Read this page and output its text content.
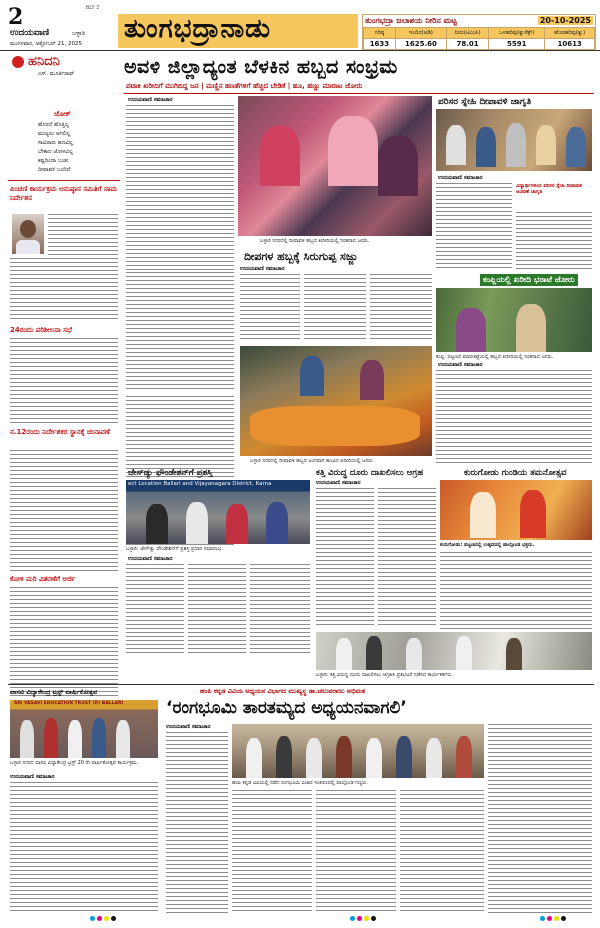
2	BLY 2
ಉದಯವಾಣಿ	ಬಳ್ಳಾರಿ
ಮಂಗಳವಾರ, ಅಕ್ಟೋಬರ್ 21, 2025 ತುಂಗಭದ್ರಾನಾಡು	ತುಂಗಭದ್ರಾ ಜಲಾಶಯ ನೀರಿನ ಮಟ್ಟ	20-10-2025
ಗರಿಷ್ಠ	ಇಂದಿನ(ಅಡಿ)	ನೀರು(ಟಿಎಂಸಿ)	ಒಳಹರಿವು(ಕ್ಯುಸೆಕ್ಸ್)	ಹೊರಹರಿವು(ಕ್ಯು)
1633	1625.60	78.01	5591	10613
ಹನಿದನಿ
ಎಸ್. ಮೂರ್ತಿರಾವ್
ಜೋಕ್
ಹೊರದೆ ಹೊತ್ತಿಲ್ಲ
ಮುಟ್ಟಲು ಆಗಲಿಲ್ಲ
ಸಾವಿರಾರು ಹಣವಿಲ್ಲ
ಬೇಕಾದ ಜೋಳವಿಲ್ಲ
ಕಷ್ಟದಿಂದಾ ಬಂತು
ದೀಪಾವಳಿ ಬಂದಿದೆ
ಪಿಂಚಣಿ ಕಾರ್ಯಕ್ರಮ ಅನುಷ್ಠಾನ ಸಮಿತಿಗೆ ನಾಮ ನಿರ್ದೇಶನ
24ರಂದು ಪರಿಶೀಲನಾ ಸಭೆ
ನ.12ರಂದು ನಿರ್ದೇಶಕರ ಸ್ಥಾನಕ್ಕೆ ಚುನಾವಣೆ
ಕೋಳಿ ಮರಿ ವಿತರಣೆಗೆ ಅರ್ಜಿ
ಅವಳಿ ಜಿಲ್ಲಾದ್ಯಂತ ಬೆಳಕಿನ ಹಬ್ಬದ ಸಂಭ್ರಮ
ಪಟಾಕಿ ಖರೀದಿಗೆ ಮುಗಿಬಿದ್ದ ಜನ | ಮಣ್ಣಿನ ಹಣತೆಗಳಿಗೆ ಹೆಚ್ಚಿದ ಬೇಡಿಕೆ | ಹೂ, ಹಣ್ಣು ಮಾರಾಟ ಜೋರು
ಉದಯವಾಣಿ ಸಮಾಚಾರ
ಬಳ್ಳಾರಿ ನಗರದಲ್ಲಿ ದೀಪಾವಳಿ ಹಬ್ಬದ ಖರೀದಿಯಲ್ಲಿ ನಿರತರಾದ ಜನರು.
ದೀಪಗಳ ಹಬ್ಬಕ್ಕೆ ಸಿರುಗುಪ್ಪ ಸಜ್ಜು
ಉದಯವಾಣಿ ಸಮಾಚಾರ
ಬಳ್ಳಾರಿ ನಗರದಲ್ಲಿ ದೀಪಾವಳಿ ಹಬ್ಬದ ಅಂಗವಾಗಿ ಹೂವಿನ ಖರೀದಿಯಲ್ಲಿ ಜನರು.
ಪರಿಸರ ಸ್ನೇಹಿ ದೀಪಾವಳಿ ಜಾಗೃತಿ
ಉದಯವಾಣಿ ಸಮಾಚಾರ
ವಿದ್ಯಾರ್ಥಿಗಳಿಂದ ಪರಿಸರ ಸ್ನೇಹಿ ದೀಪಾವಳಿ ಆಚರಣೆ ಜಾಗೃತಿ
ಕಂಪ್ಲಿಯಲ್ಲಿ ಖರೀದಿ ಭರಾಟೆ ಜೋರು
ಕಂಪ್ಲಿ: ಪಟ್ಟಣದ ಮಾರುಕಟ್ಟೆಯಲ್ಲಿ ಹಬ್ಬದ ಖರೀದಿಯಲ್ಲಿ ನಿರತರಾದ ಜನರು.
ಉದಯವಾಣಿ ಸಮಾಚಾರ
ಕತ್ತಿ ವಿರುದ್ಧ ದೂರು ದಾಖಲಿಸಲು ಆಗ್ರಹ	ಕುರುಗೋಡು ಗುಂಡಿಯ ತಮನೋತ್ಸವ
ಉದಯವಾಣಿ ಸಮಾಚಾರ
ಕುರುಗೋಡು: ಪಟ್ಟಣದಲ್ಲಿ ಉತ್ಸವದಲ್ಲಿ ಪಾಲ್ಗೊಂಡ ಭಕ್ತರು.
ಜೇಸ್‌ಡ್ಯು ಫೌಂಡೇಶನ್‌ಗೆ ಪ್ರಶಸ್ತಿ
ect Location Ballari and Vijayanagara District, Karna
ಬಳ್ಳಾರಿ: ಜೇಸ್‌ಡ್ಯು ಫೌಂಡೇಶನ್‌ಗೆ ಪ್ರಶಸ್ತಿ ಪ್ರದಾನ ಸಮಾರಂಭ.
ಉದಯವಾಣಿ ಸಮಾಚಾರ
ಬಳ್ಳಾರಿ: ಕತ್ತಿ ವಿರುದ್ಧ ದೂರು ದಾಖಲಿಸಲು ಆಗ್ರಹಿಸಿ ಪ್ರತಿಭಟನೆ ನಡೆಸಿದ ಕಾರ್ಯಕರ್ತರು.
ವಾಸವಿ ವಿದ್ಯಾಕೇಂದ್ರ ಟ್ರಸ್ಟ್ ವಾರ್ಷಿಕೋತ್ಸವ
SRI VASAVI EDUCATION TRUST (R) BALLARI
ಬಳ್ಳಾರಿ ನಗರದ ವಾಸವಿ ವಿದ್ಯಾಕೇಂದ್ರ ಟ್ರಸ್ಟ್ 20 ನೇ ವಾರ್ಷಿಕೋತ್ಸವ ಕಾರ್ಯಕ್ರಮ.
ಉದಯವಾಣಿ ಸಮಾಚಾರ
ಹಂಪಿ ಕನ್ನಡ ವಿವಿಯ ಅಧ್ಯಯನ ವಿಭಾಗದ ಮುಖ್ಯಸ್ಥ ಡಾ.ಚಲುವರಾಜು ಅಭಿಮತ
‘ರಂಗಭೂಮಿ ತಾರತಮ್ಯದ ಅಧ್ಯಯನವಾಗಲಿ’
ಉದಯವಾಣಿ ಸಮಾಚಾರ
ಹಂಪಿ ಕನ್ನಡ ವಿವಿಯಲ್ಲಿ ನಡೆದ ರಂಗಭೂಮಿ ವಿಚಾರ ಸಂಕಿರಣದಲ್ಲಿ ಪಾಲ್ಗೊಂಡ ಗಣ್ಯರು.
